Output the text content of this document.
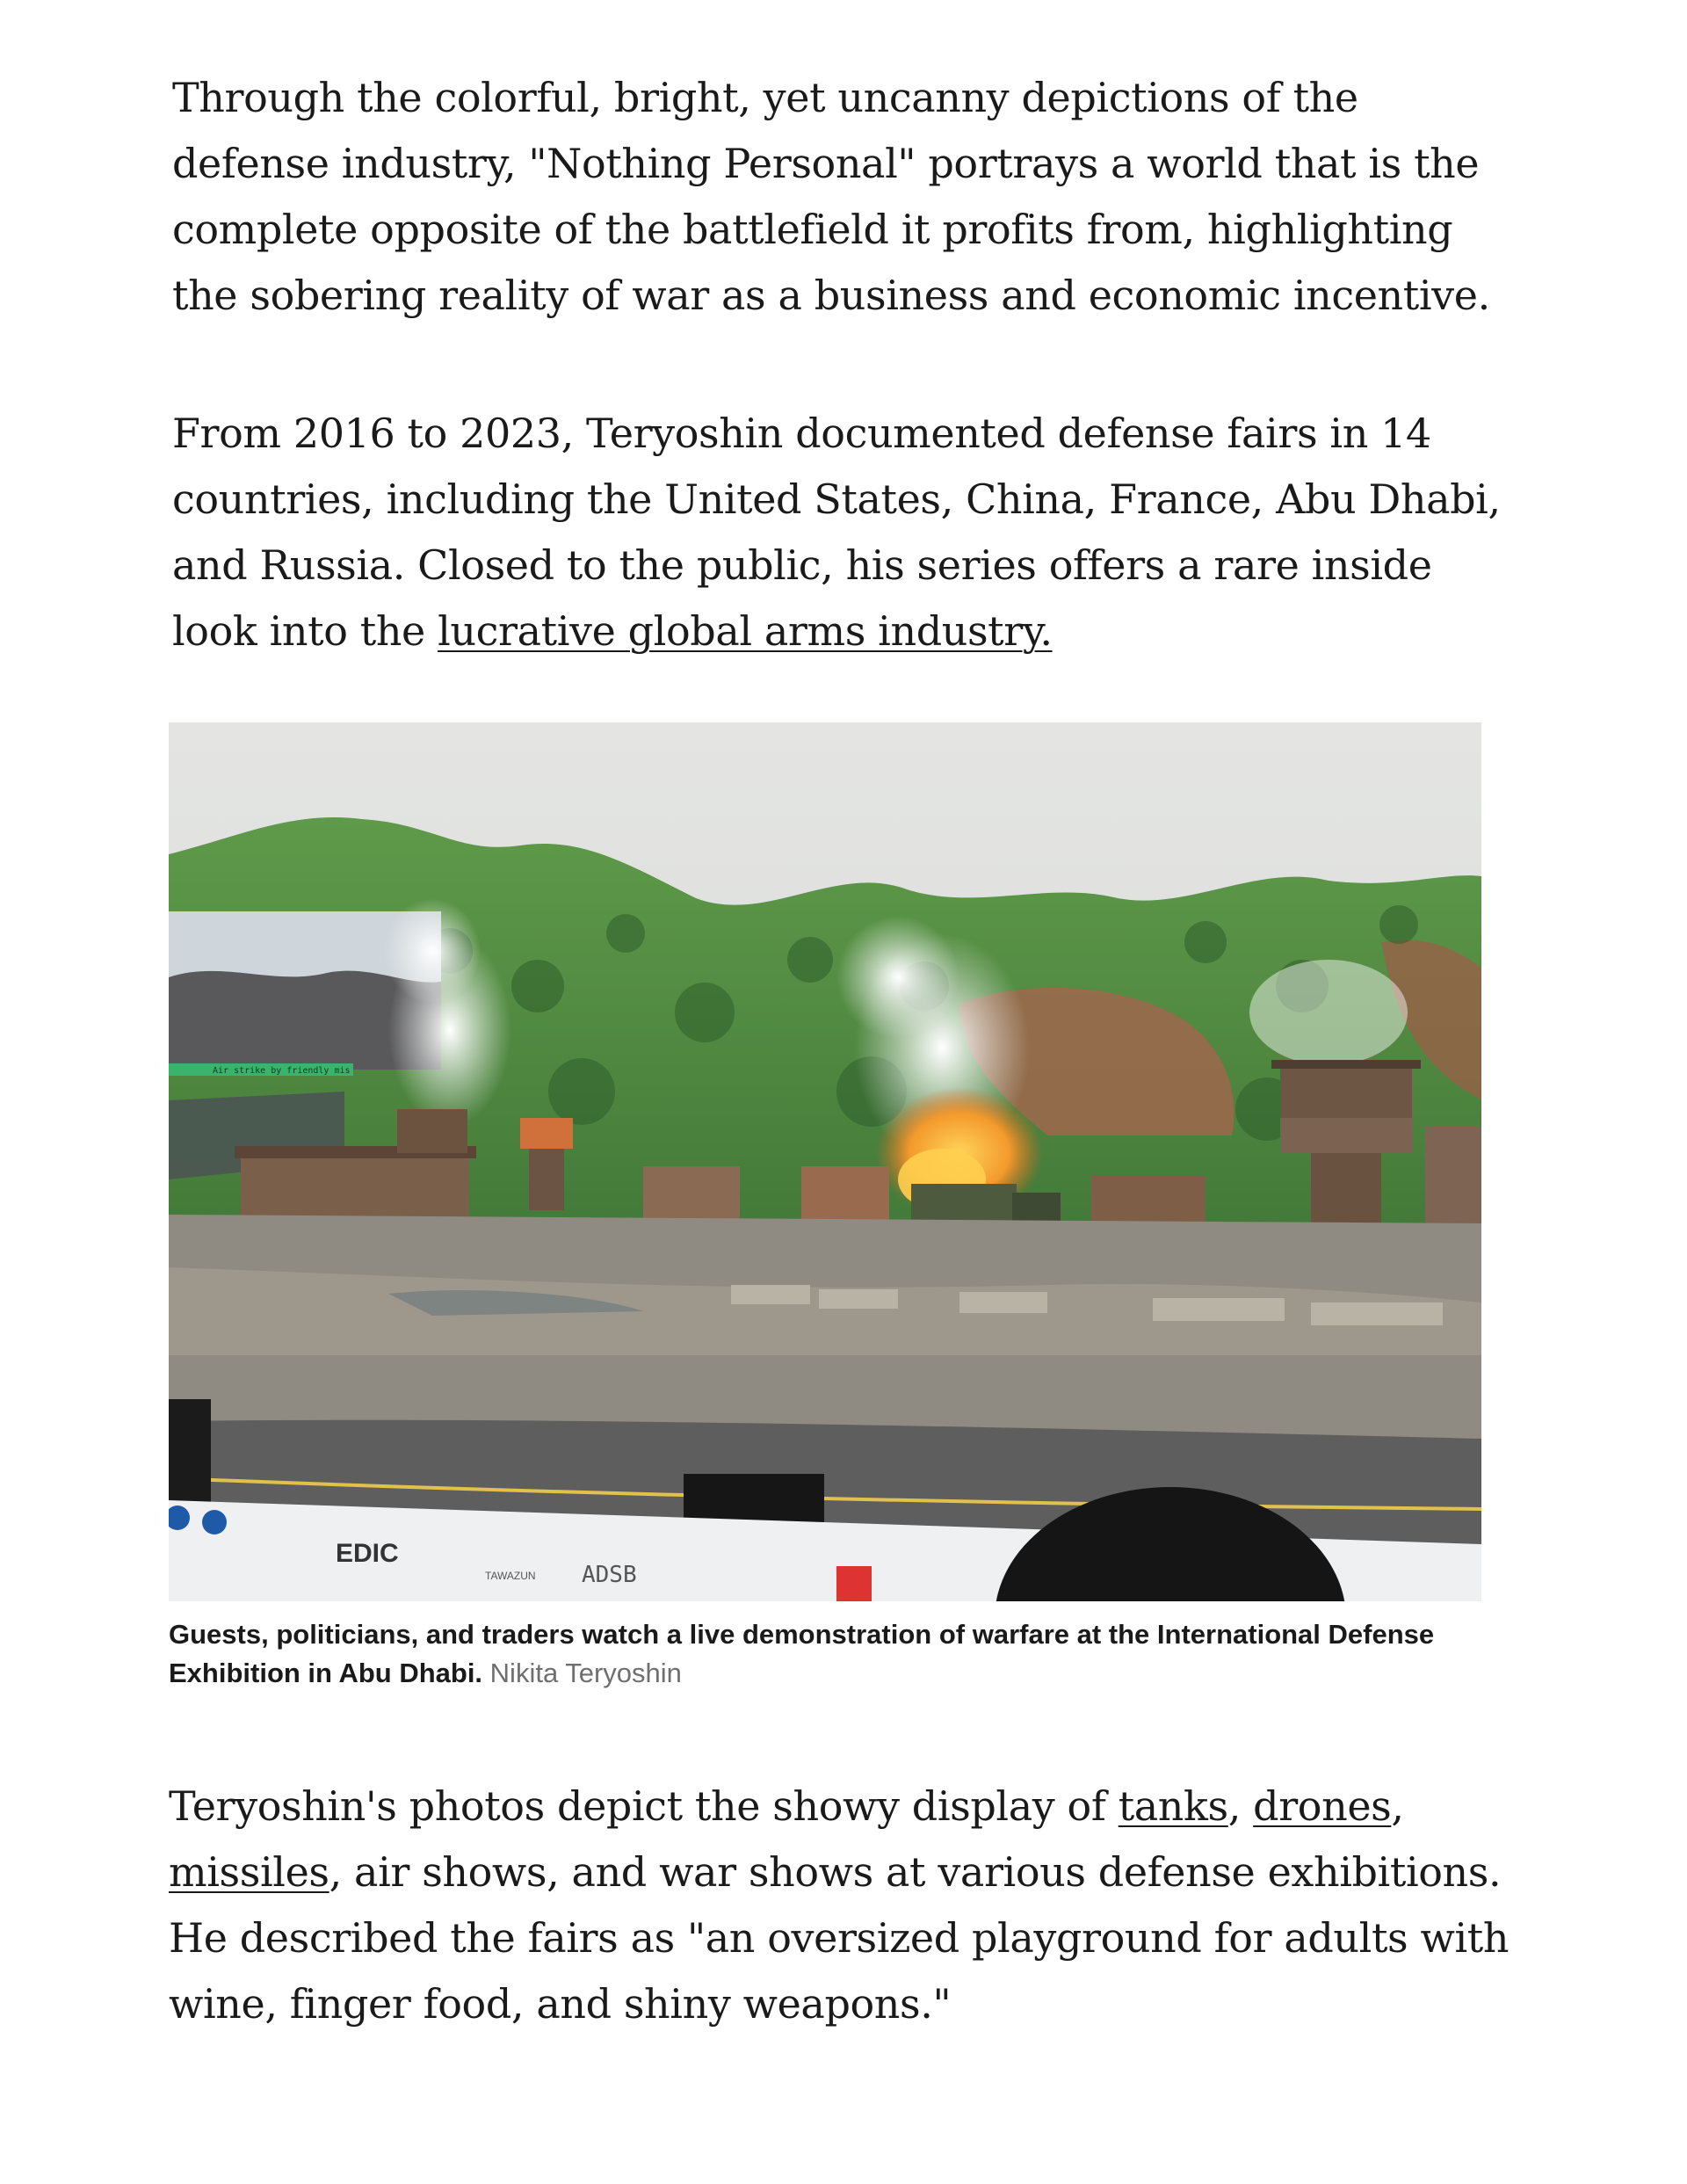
Through the colorful, bright, yet uncanny depictions of the defense industry, "Nothing Personal" portrays a world that is the complete opposite of the battlefield it profits from, highlighting the sobering reality of war as a business and economic incentive.

From 2016 to 2023, Teryoshin documented defense fairs in 14 countries, including the United States, China, France, Abu Dhabi, and Russia. Closed to the public, his series offers a rare inside look into the lucrative global arms industry.

Air strike by friendly mis
EDIC
TAWAZUN ADSB

Guests, politicians, and traders watch a live demonstration of warfare at the International Defense Exhibition in Abu Dhabi. Nikita Teryoshin

Teryoshin's photos depict the showy display of tanks, drones, missiles, air shows, and war shows at various defense exhibitions. He described the fairs as "an oversized playground for adults with wine, finger food, and shiny weapons."
